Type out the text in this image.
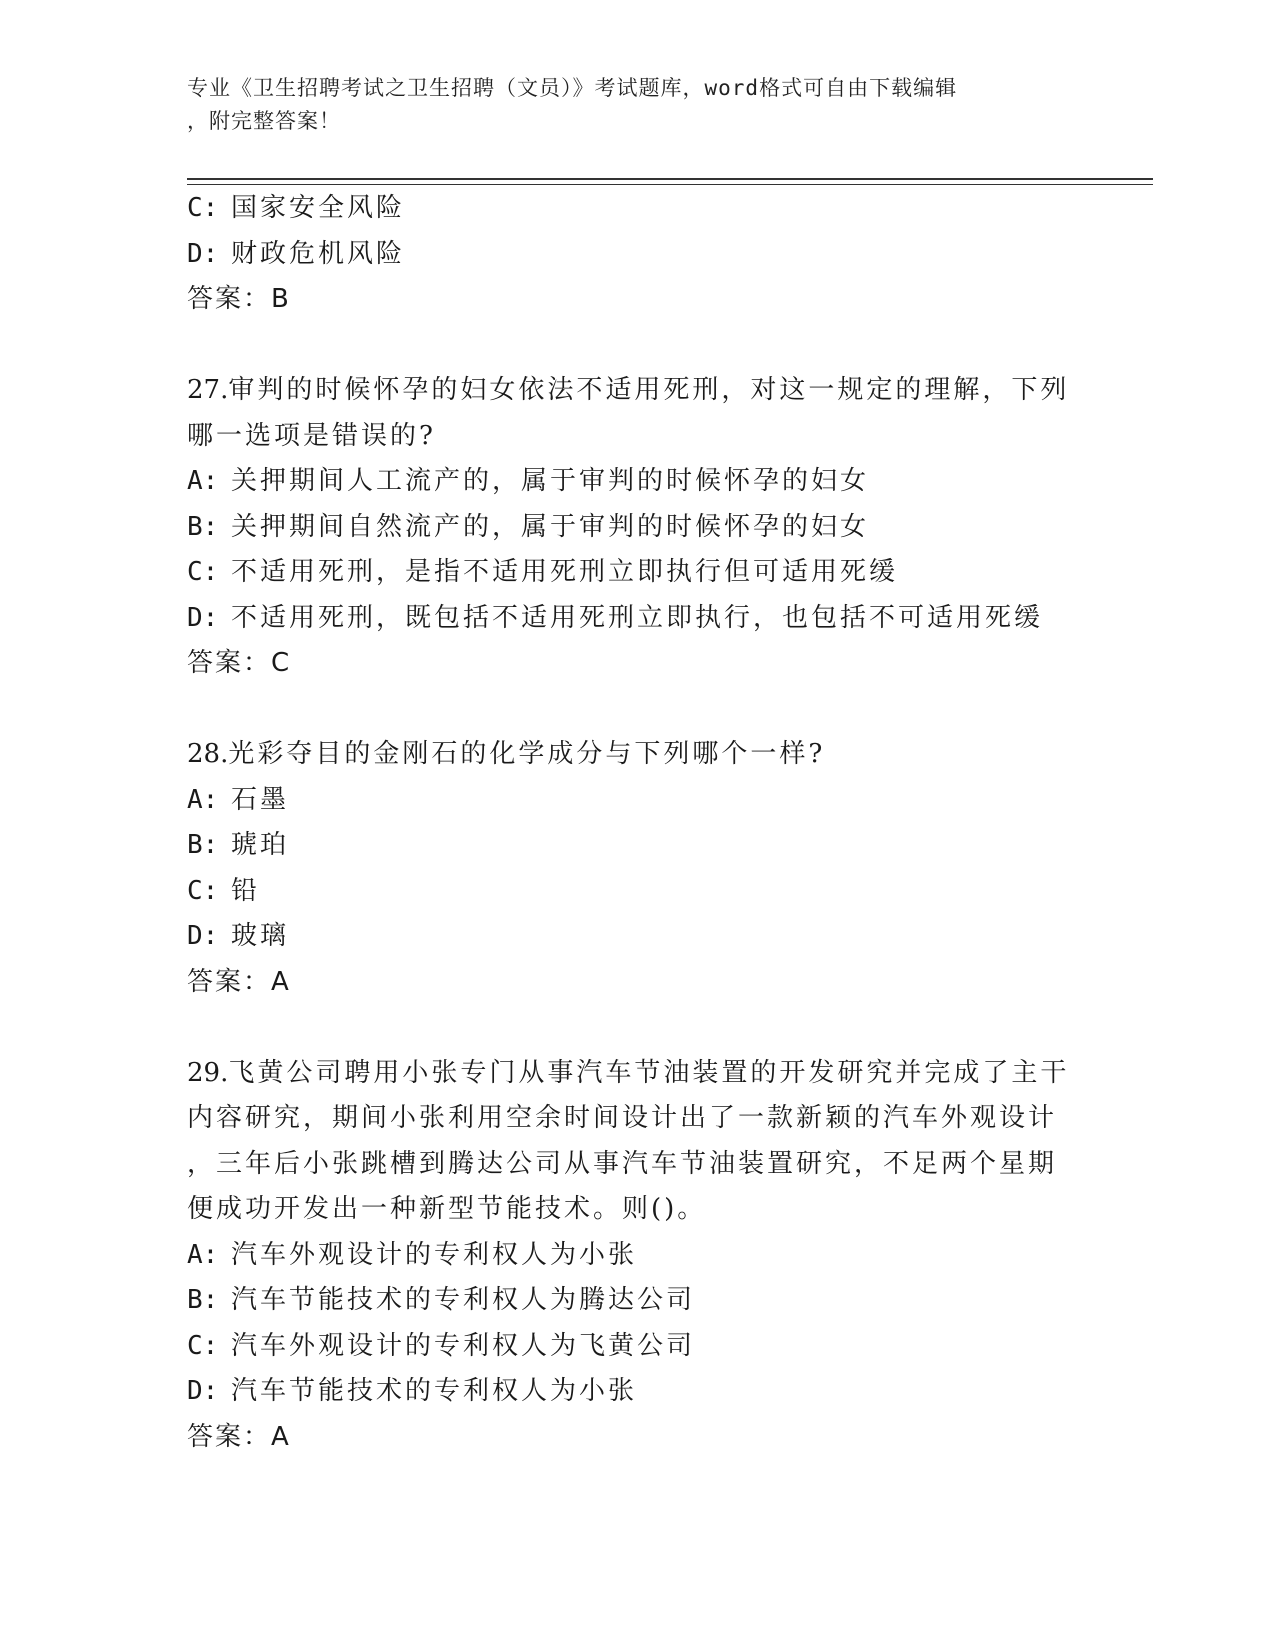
专业《卫生招聘考试之卫生招聘（文员）》考试题库，word格式可自由下载编辑
，附完整答案！
C: 国家安全风险
D: 财政危机风险
答案：B
27.审判的时候怀孕的妇女依法不适用死刑，对这一规定的理解，下列
哪一选项是错误的?
A: 关押期间人工流产的，属于审判的时候怀孕的妇女
B: 关押期间自然流产的，属于审判的时候怀孕的妇女
C: 不适用死刑，是指不适用死刑立即执行但可适用死缓
D: 不适用死刑，既包括不适用死刑立即执行，也包括不可适用死缓
答案：C
28.光彩夺目的金刚石的化学成分与下列哪个一样?
A: 石墨
B: 琥珀
C: 铅
D: 玻璃
答案：A
29.飞黄公司聘用小张专门从事汽车节油装置的开发研究并完成了主干
内容研究，期间小张利用空余时间设计出了一款新颖的汽车外观设计
，三年后小张跳槽到腾达公司从事汽车节油装置研究，不足两个星期
便成功开发出一种新型节能技术。则()。
A: 汽车外观设计的专利权人为小张
B: 汽车节能技术的专利权人为腾达公司
C: 汽车外观设计的专利权人为飞黄公司
D: 汽车节能技术的专利权人为小张
答案：A
